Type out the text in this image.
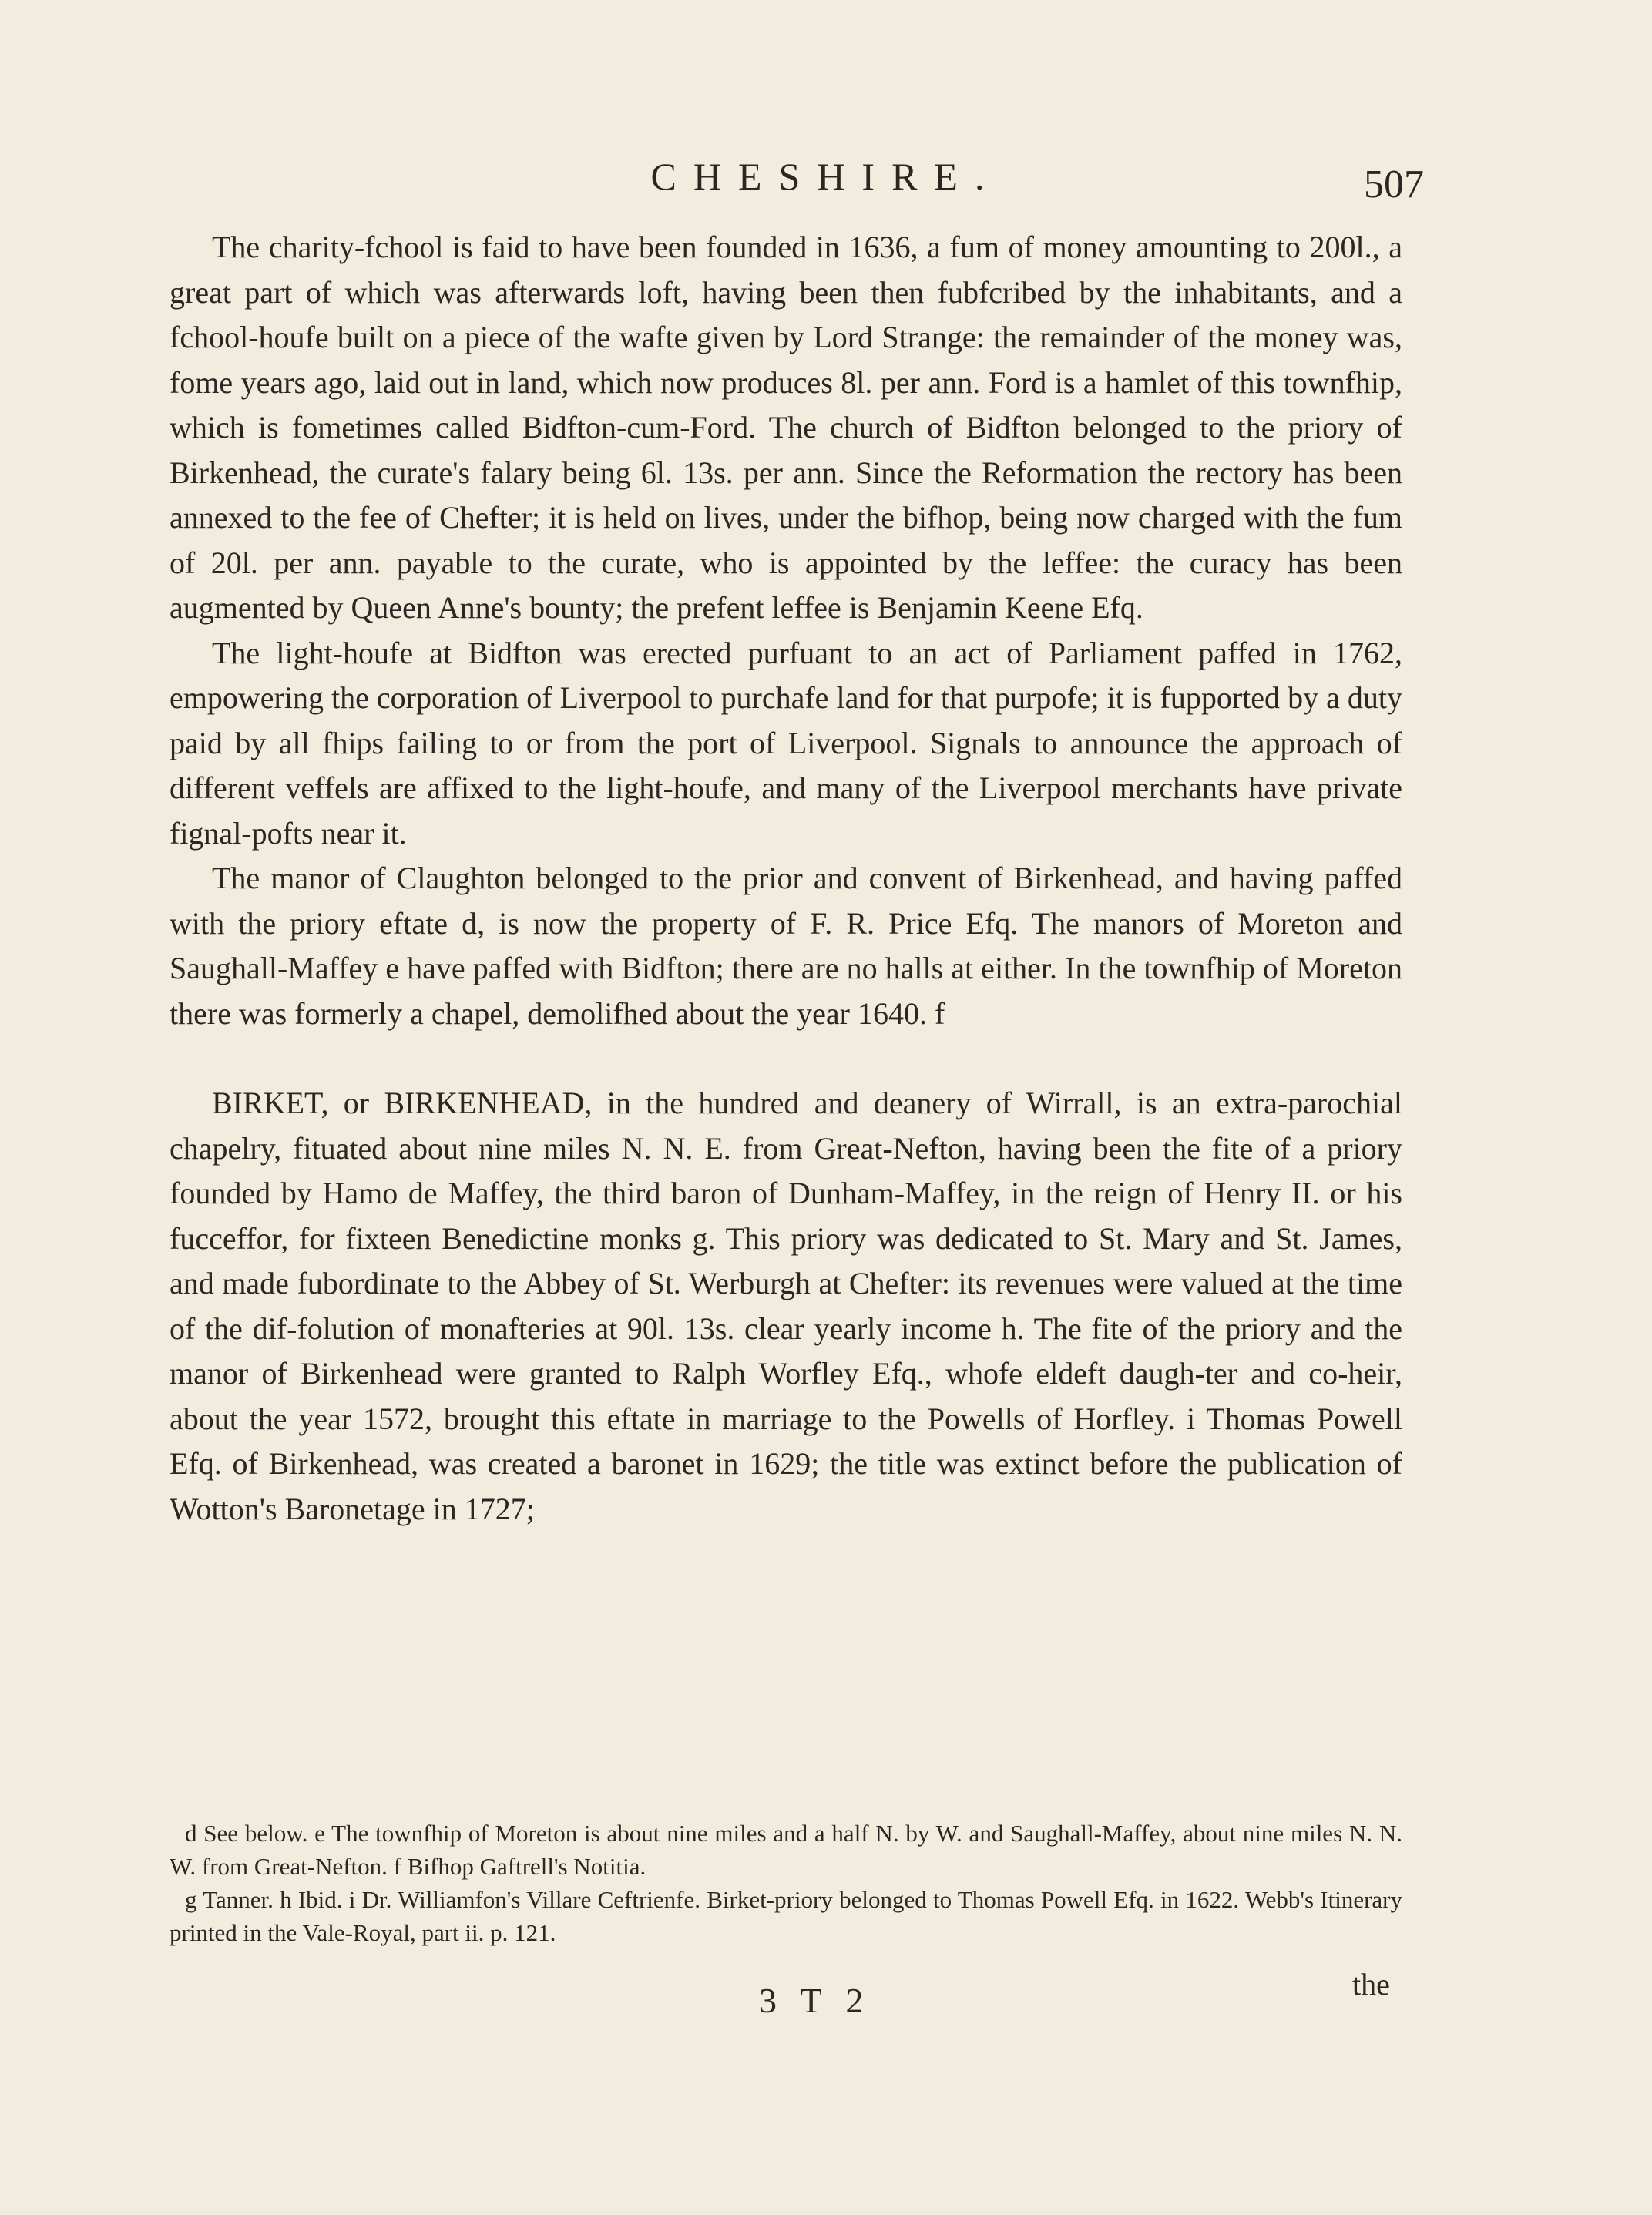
CHESHIRE.	507

The charity-fchool is faid to have been founded in 1636, a fum of money amounting to 200l., a great part of which was afterwards loft, having been then fubfcribed by the inhabitants, and a fchool-houfe built on a piece of the wafte given by Lord Strange: the remainder of the money was, fome years ago, laid out in land, which now produces 8l. per ann. Ford is a hamlet of this townfhip, which is fometimes called Bidfton-cum-Ford. The church of Bidfton belonged to the priory of Birkenhead, the curate's falary being 6l. 13s. per ann. Since the Reformation the rectory has been annexed to the fee of Chefter; it is held on lives, under the bifhop, being now charged with the fum of 20l. per ann. payable to the curate, who is appointed by the leffee: the curacy has been augmented by Queen Anne's bounty; the prefent leffee is Benjamin Keene Efq.

The light-houfe at Bidfton was erected purfuant to an act of Parliament paffed in 1762, empowering the corporation of Liverpool to purchafe land for that purpofe; it is fupported by a duty paid by all fhips failing to or from the port of Liverpool. Signals to announce the approach of different veffels are affixed to the light-houfe, and many of the Liverpool merchants have private fignal-pofts near it.

The manor of Claughton belonged to the prior and convent of Birkenhead, and having paffed with the priory eftate d, is now the property of F. R. Price Efq. The manors of Moreton and Saughall-Maffey e have paffed with Bidfton; there are no halls at either. In the townfhip of Moreton there was formerly a chapel, demolifhed about the year 1640. f

BIRKET, or BIRKENHEAD, in the hundred and deanery of Wirrall, is an extra-parochial chapelry, fituated about nine miles N. N. E. from Great-Nefton, having been the fite of a priory founded by Hamo de Maffey, the third baron of Dunham-Maffey, in the reign of Henry II. or his fucceffor, for fixteen Benedictine monks g. This priory was dedicated to St. Mary and St. James, and made fubordinate to the Abbey of St. Werburgh at Chefter: its revenues were valued at the time of the dif-folution of monafteries at 90l. 13s. clear yearly income h. The fite of the priory and the manor of Birkenhead were granted to Ralph Worfley Efq., whofe eldeft daugh-ter and co-heir, about the year 1572, brought this eftate in marriage to the Powells of Horfley. i Thomas Powell Efq. of Birkenhead, was created a baronet in 1629; the title was extinct before the publication of Wotton's Baronetage in 1727;

d See below. e The townfhip of Moreton is about nine miles and a half N. by W. and Saughall-Maffey, about nine miles N. N. W. from Great-Nefton. f Bifhop Gaftrell's Notitia.

g Tanner. h Ibid. i Dr. Williamfon's Villare Ceftrienfe. Birket-priory belonged to Thomas Powell Efq. in 1622. Webb's Itinerary printed in the Vale-Royal, part ii. p. 121.

3 T 2	the
